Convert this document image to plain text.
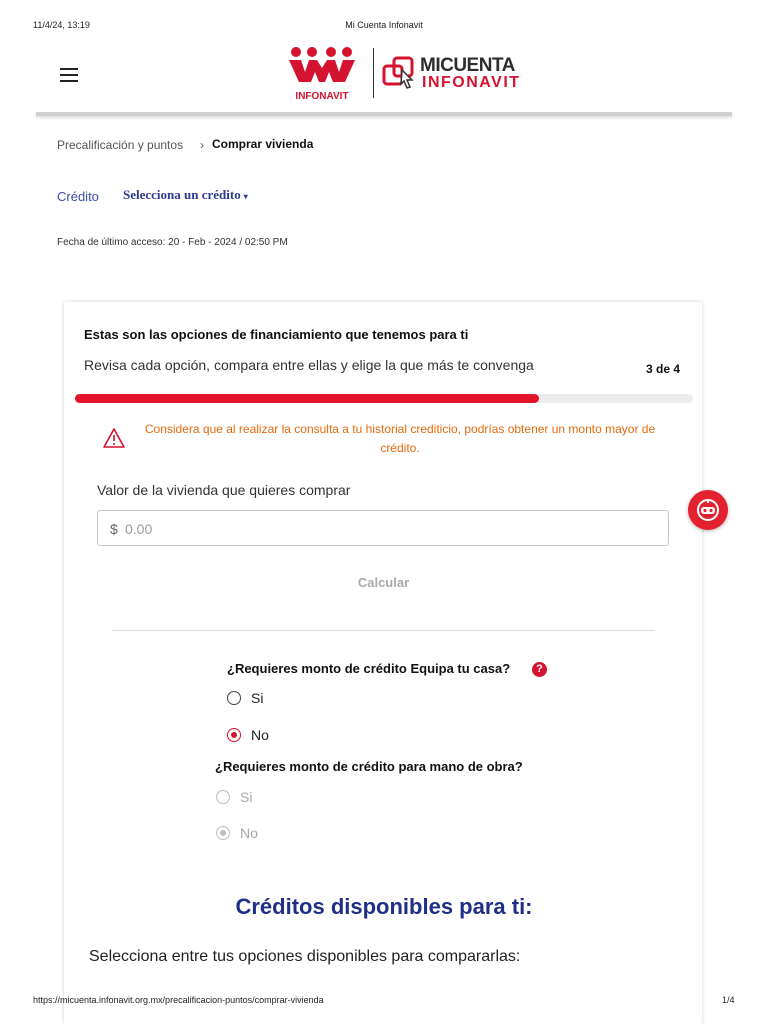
11/4/24, 13:19	Mi Cuenta Infonavit
INFONAVIT
MICUENTA
INFONAVIT
Precalificación y puntos › Comprar vivienda
Crédito Selecciona un crédito ▾
Fecha de último acceso: 20 - Feb - 2024 / 02:50 PM
Estas son las opciones de financiamiento que tenemos para ti
Revisa cada opción, compara entre ellas y elige la que más te convenga	3 de 4
Considera que al realizar la consulta a tu historial crediticio, podrías obtener un monto mayor de crédito.
Valor de la vivienda que quieres comprar
$ 0.00
Calcular
¿Requieres monto de crédito Equipa tu casa?	?
Si
No
¿Requieres monto de crédito para mano de obra?
Si
No
Créditos disponibles para ti:
Selecciona entre tus opciones disponibles para compararlas:
https://micuenta.infonavit.org.mx/precalificacion-puntos/comprar-vivienda	1/4
